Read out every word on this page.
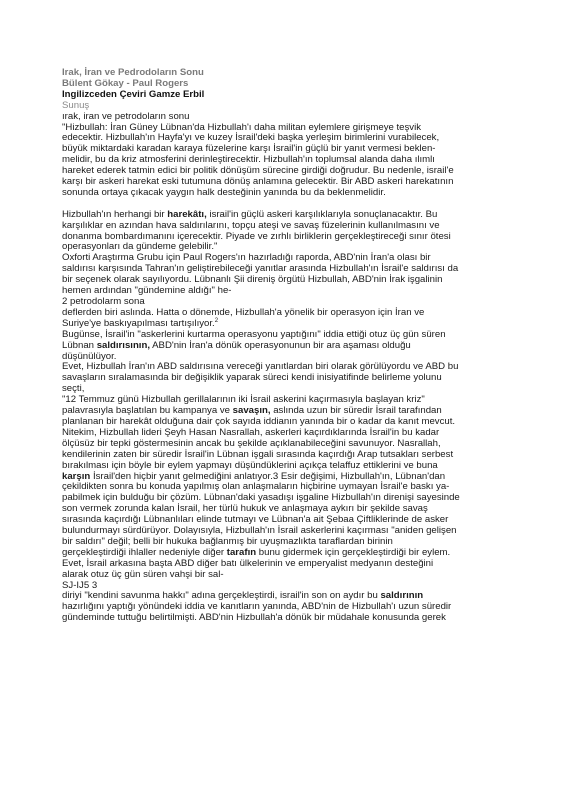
Irak, İran ve Pedrodoların Sonu

Bülent Gökay - Paul Rogers

Ingilizceden Çeviri Gamze Erbil

Sunuş

ırak, iran ve petrodoların sonu

"Hizbullah: İran Güney Lübnan'da Hizbullah'ı daha militan eylemlere girişmeye teşvik

edecektir. Hizbullah'ın Hayfa'yı ve kuzey İsrail'deki başka yerleşim birimlerini vurabilecek,

büyük miktardaki karadan karaya füzelerine karşı İsrail'in güçlü bir yanıt vermesi beklen-

melidir, bu da kriz atmosferini derinleştirecektir. Hizbullah'ın toplumsal alanda daha ılımlı

hareket ederek tatmin edici bir politik dönüşüm sürecine girdiği doğrudur. Bu nedenle, israil'e

karşı bir askeri harekat eski tutumuna dönüş anlamına gelecektir. Bir ABD askeri harekatının

sonunda ortaya çıkacak yaygın halk desteğinin yanında bu da beklenmelidir.

Hizbullah'ın herhangi bir harekâtı, israil'in güçlü askeri karşılıklarıyla sonuçlanacaktır. Bu

karşılıklar en azından hava saldırılarını, topçu ateşi ve savaş füzelerinin kullanılmasını ve

donanma bombardımanını içerecektir. Piyade ve zırhlı birliklerin gerçekleştireceği sınır ötesi

operasyonları da gündeme gelebilir."

Oxforti Araştırma Grubu için Paul Rogers'ın hazırladığı raporda, ABD'nin İran'a olası bir

saldırısı karşısında Tahran'ın geliştirebileceği yanıtlar arasında Hizbullah'ın İsrail'e saldırısı da

bir seçenek olarak sayılıyordu. Lübnanlı Şii direniş örgütü Hizbullah, ABD'nin İrak işgalinin

hemen ardından "gündemine aldığı" he-

2 petrodolarm sona

deflerden biri aslında. Hatta o dönemde, Hizbullah'a yönelik bir operasyon için İran ve

Suriye'ye baskıyapılması tartışılıyor.$^2$

Bugünse, İsrail'in "askerlerini kurtarma operasyonu yaptığını" iddia ettiği otuz üç gün süren

Lübnan saldırısının, ABD'nin İran'a dönük operasyonunun bir ara aşaması olduğu

düşünülüyor.

Evet, Hizbullah İran'ın ABD saldırısına vereceği yanıtlardan biri olarak görülüyordu ve ABD bu

savaşların sıralamasında bir değişiklik yaparak süreci kendi inisiyatifinde belirleme yolunu

seçti,

"12 Temmuz günü Hizbullah gerillalarının iki İsrail askerini kaçırmasıyla başlayan kriz"

palavrasıyla başlatılan bu kampanya ve savaşın, aslında uzun bir süredir İsrail tarafından

planlanan bir harekât olduğuna dair çok sayıda iddianın yanında bir o kadar da kanıt mevcut.

Nitekim, Hizbullah lideri Şeyh Hasan Nasrallah, askerleri kaçırdıklarında İsrail'in bu kadar

ölçüsüz bir tepki göstermesinin ancak bu şekilde açıklanabileceğini savunuyor. Nasrallah,

kendilerinin zaten bir süredir İsrail'in Lübnan işgali sırasında kaçırdığı Arap tutsakları serbest

bırakılması için böyle bir eylem yapmayı düşündüklerini açıkça telaffuz ettiklerini ve buna

karşın İsrail'den hiçbir yanıt gelmediğini anlatıyor.3 Esir değişimi, Hizbullah'ın, Lübnan'dan

çekildikten sonra bu konuda yapılmış olan anlaşmaların hiçbirine uymayan İsrail'e baskı ya-

pabilmek için bulduğu bir çözüm. Lübnan'daki yasadışı işgaline Hizbullah'ın direnişi sayesinde

son vermek zorunda kalan İsrail, her türlü hukuk ve anlaşmaya aykırı bir şekilde savaş

sırasında kaçırdığı Lübnanlıları elinde tutmayı ve Lübnan'a ait Şebaa Çiftliklerinde de asker

bulundurmayı sürdürüyor. Dolayısıyla, Hizbullah'ın İsrail askerlerini kaçırması "aniden gelişen

bir saldırı" değil; belli bir hukuka bağlanmış bir uyuşmazlıkta taraflardan birinin

gerçekleştirdiği ihlaller nedeniyle diğer tarafın bunu gidermek için gerçekleştirdiği bir eylem.

Evet, İsrail arkasına başta ABD diğer batı ülkelerinin ve emperyalist medyanın desteğini

alarak otuz üç gün süren vahşi bir sal-

SJ-IJ5 3

diriyi "kendini savunma hakkı" adına gerçekleştirdi, israil'in son on aydır bu saldırının

hazırlığını yaptığı yönündeki iddia ve kanıtların yanında, ABD'nin de Hizbullah'ı uzun süredir

gündeminde tuttuğu belirtilmişti. ABD'nin Hizbullah'a dönük bir müdahale konusunda gerek
